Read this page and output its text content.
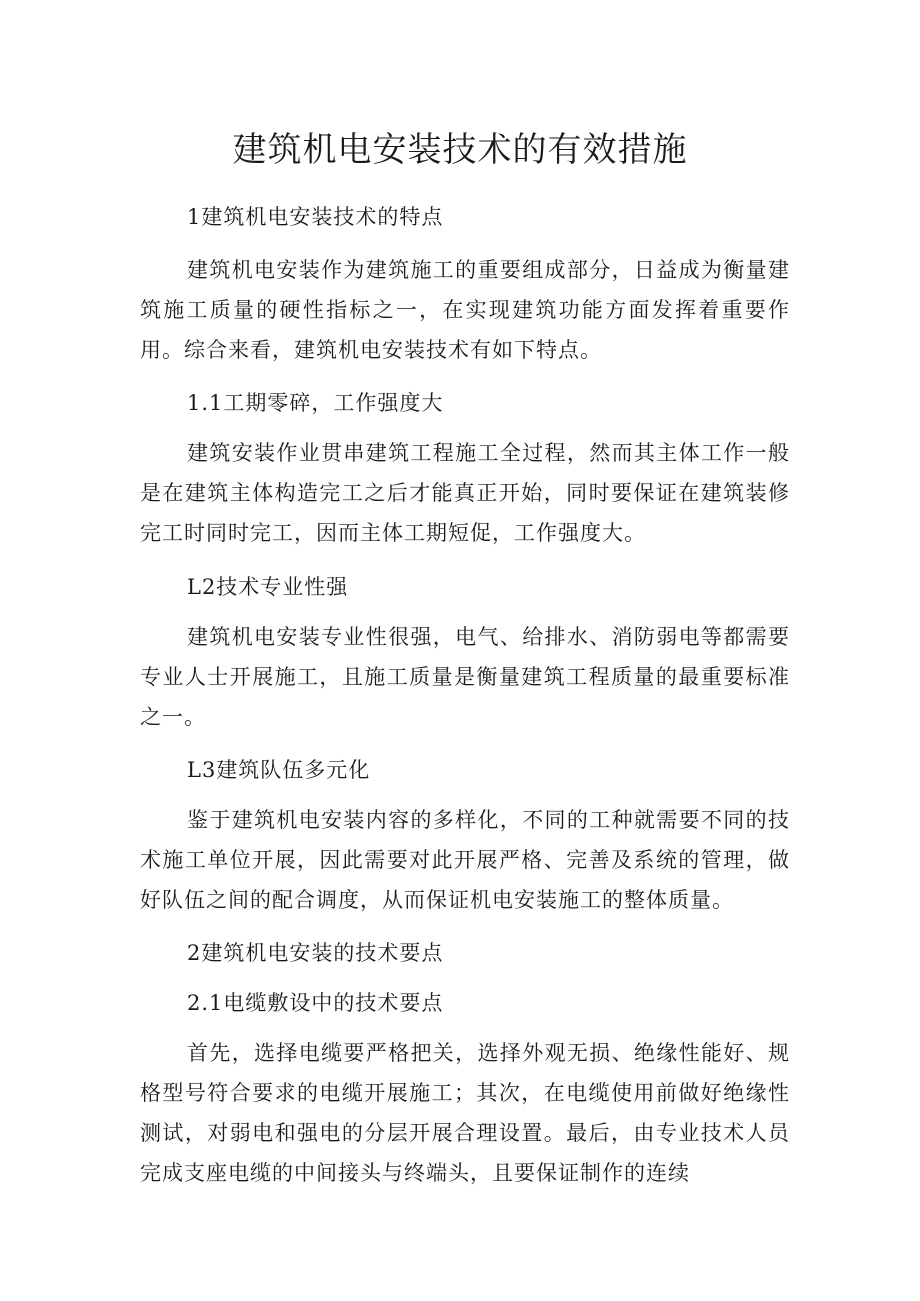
建筑机电安装技术的有效措施

1建筑机电安装技术的特点

建筑机电安装作为建筑施工的重要组成部分，日益成为衡量建筑施工质量的硬性指标之一，在实现建筑功能方面发挥着重要作用。综合来看，建筑机电安装技术有如下特点。

1.1工期零碎，工作强度大

建筑安装作业贯串建筑工程施工全过程，然而其主体工作一般是在建筑主体构造完工之后才能真正开始，同时要保证在建筑装修完工时同时完工，因而主体工期短促，工作强度大。

L2技术专业性强

建筑机电安装专业性很强，电气、给排水、消防弱电等都需要专业人士开展施工，且施工质量是衡量建筑工程质量的最重要标准之一。

L3建筑队伍多元化

鉴于建筑机电安装内容的多样化，不同的工种就需要不同的技术施工单位开展，因此需要对此开展严格、完善及系统的管理，做好队伍之间的配合调度，从而保证机电安装施工的整体质量。

2建筑机电安装的技术要点

2.1电缆敷设中的技术要点

首先，选择电缆要严格把关，选择外观无损、绝缘性能好、规格型号符合要求的电缆开展施工；其次，在电缆使用前做好绝缘性测试，对弱电和强电的分层开展合理设置。最后，由专业技术人员完成支座电缆的中间接头与终端头，且要保证制作的连续
